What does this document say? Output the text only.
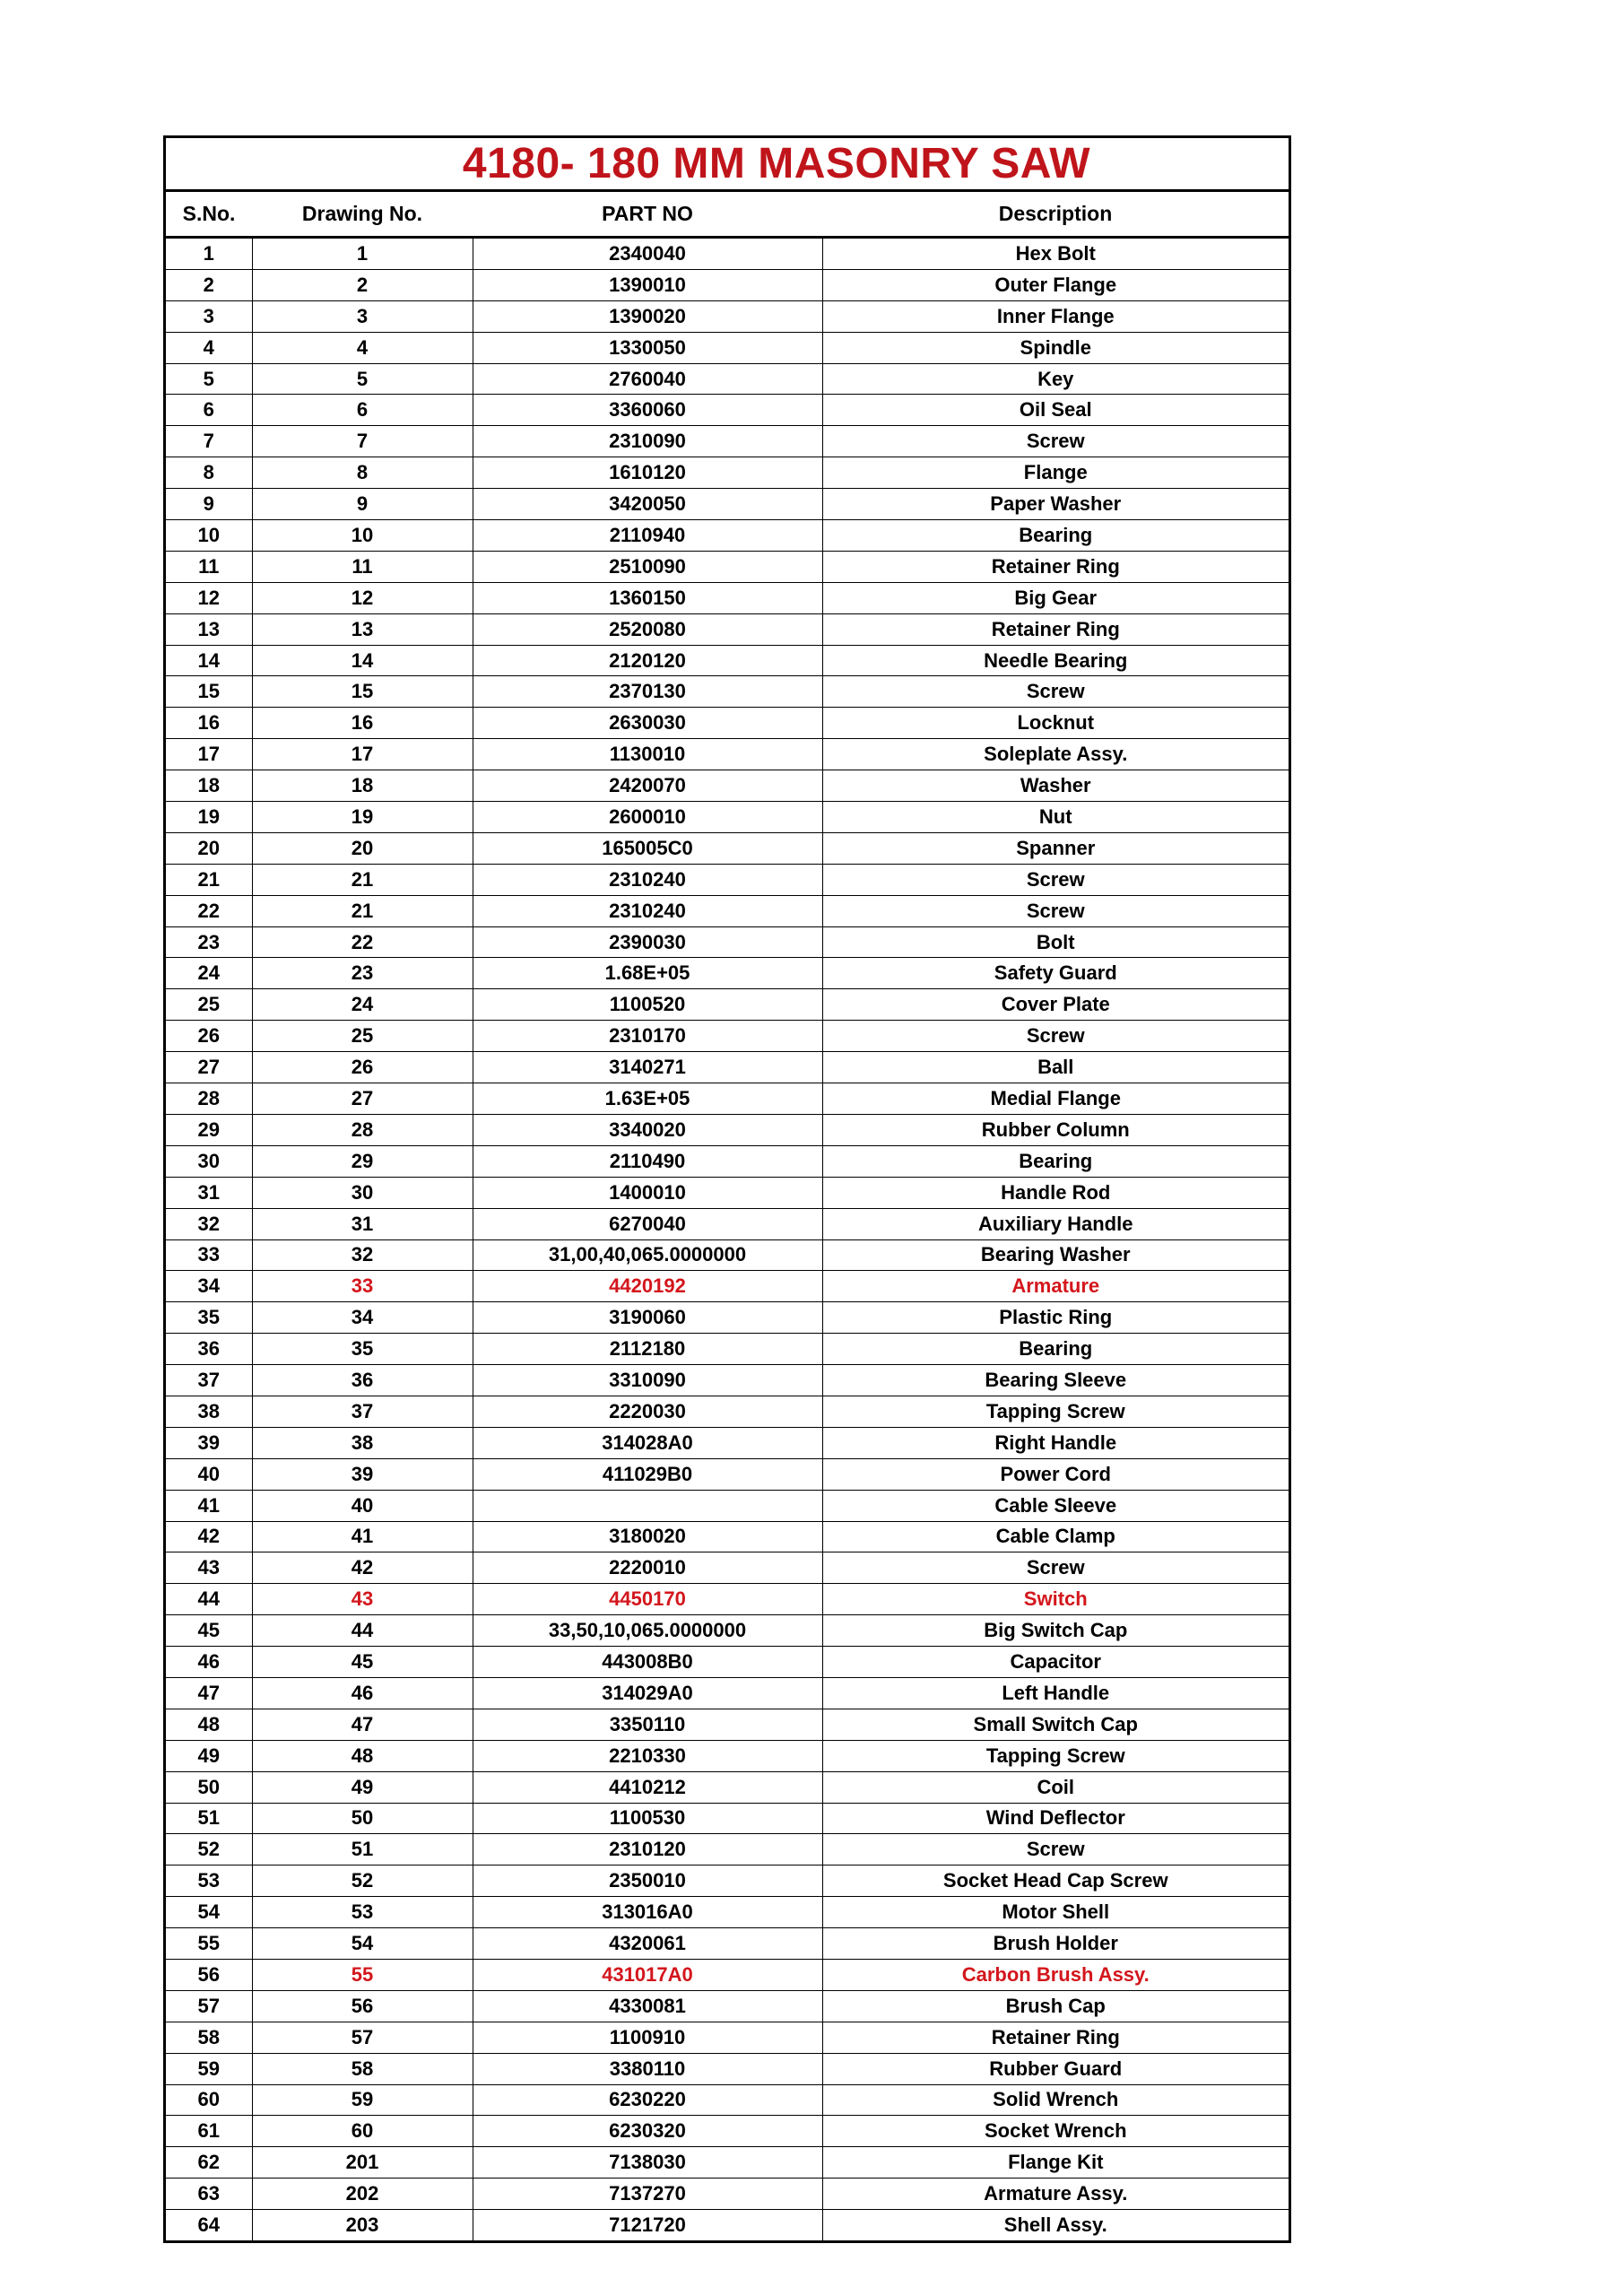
4180- 180 MM MASONRY SAW
S.No.	Drawing No.	PART NO	Description
1	1	2340040	Hex Bolt
2	2	1390010	Outer Flange
3	3	1390020	Inner Flange
4	4	1330050	Spindle
5	5	2760040	Key
6	6	3360060	Oil Seal
7	7	2310090	Screw
8	8	1610120	Flange
9	9	3420050	Paper Washer
10	10	2110940	Bearing
11	11	2510090	Retainer Ring
12	12	1360150	Big Gear
13	13	2520080	Retainer Ring
14	14	2120120	Needle Bearing
15	15	2370130	Screw
16	16	2630030	Locknut
17	17	1130010	Soleplate Assy.
18	18	2420070	Washer
19	19	2600010	Nut
20	20	165005C0	Spanner
21	21	2310240	Screw
22	21	2310240	Screw
23	22	2390030	Bolt
24	23	1.68E+05	Safety Guard
25	24	1100520	Cover Plate
26	25	2310170	Screw
27	26	3140271	Ball
28	27	1.63E+05	Medial Flange
29	28	3340020	Rubber Column
30	29	2110490	Bearing
31	30	1400010	Handle Rod
32	31	6270040	Auxiliary Handle
33	32	31,00,40,065.0000000	Bearing Washer
34	33	4420192	Armature
35	34	3190060	Plastic Ring
36	35	2112180	Bearing
37	36	3310090	Bearing Sleeve
38	37	2220030	Tapping Screw
39	38	314028A0	Right Handle
40	39	411029B0	Power Cord
41	40		Cable Sleeve
42	41	3180020	Cable Clamp
43	42	2220010	Screw
44	43	4450170	Switch
45	44	33,50,10,065.0000000	Big Switch Cap
46	45	443008B0	Capacitor
47	46	314029A0	Left Handle
48	47	3350110	Small Switch Cap
49	48	2210330	Tapping Screw
50	49	4410212	Coil
51	50	1100530	Wind Deflector
52	51	2310120	Screw
53	52	2350010	Socket Head Cap Screw
54	53	313016A0	Motor Shell
55	54	4320061	Brush Holder
56	55	431017A0	Carbon Brush Assy.
57	56	4330081	Brush Cap
58	57	1100910	Retainer Ring
59	58	3380110	Rubber Guard
60	59	6230220	Solid Wrench
61	60	6230320	Socket Wrench
62	201	7138030	Flange Kit
63	202	7137270	Armature Assy.
64	203	7121720	Shell Assy.
